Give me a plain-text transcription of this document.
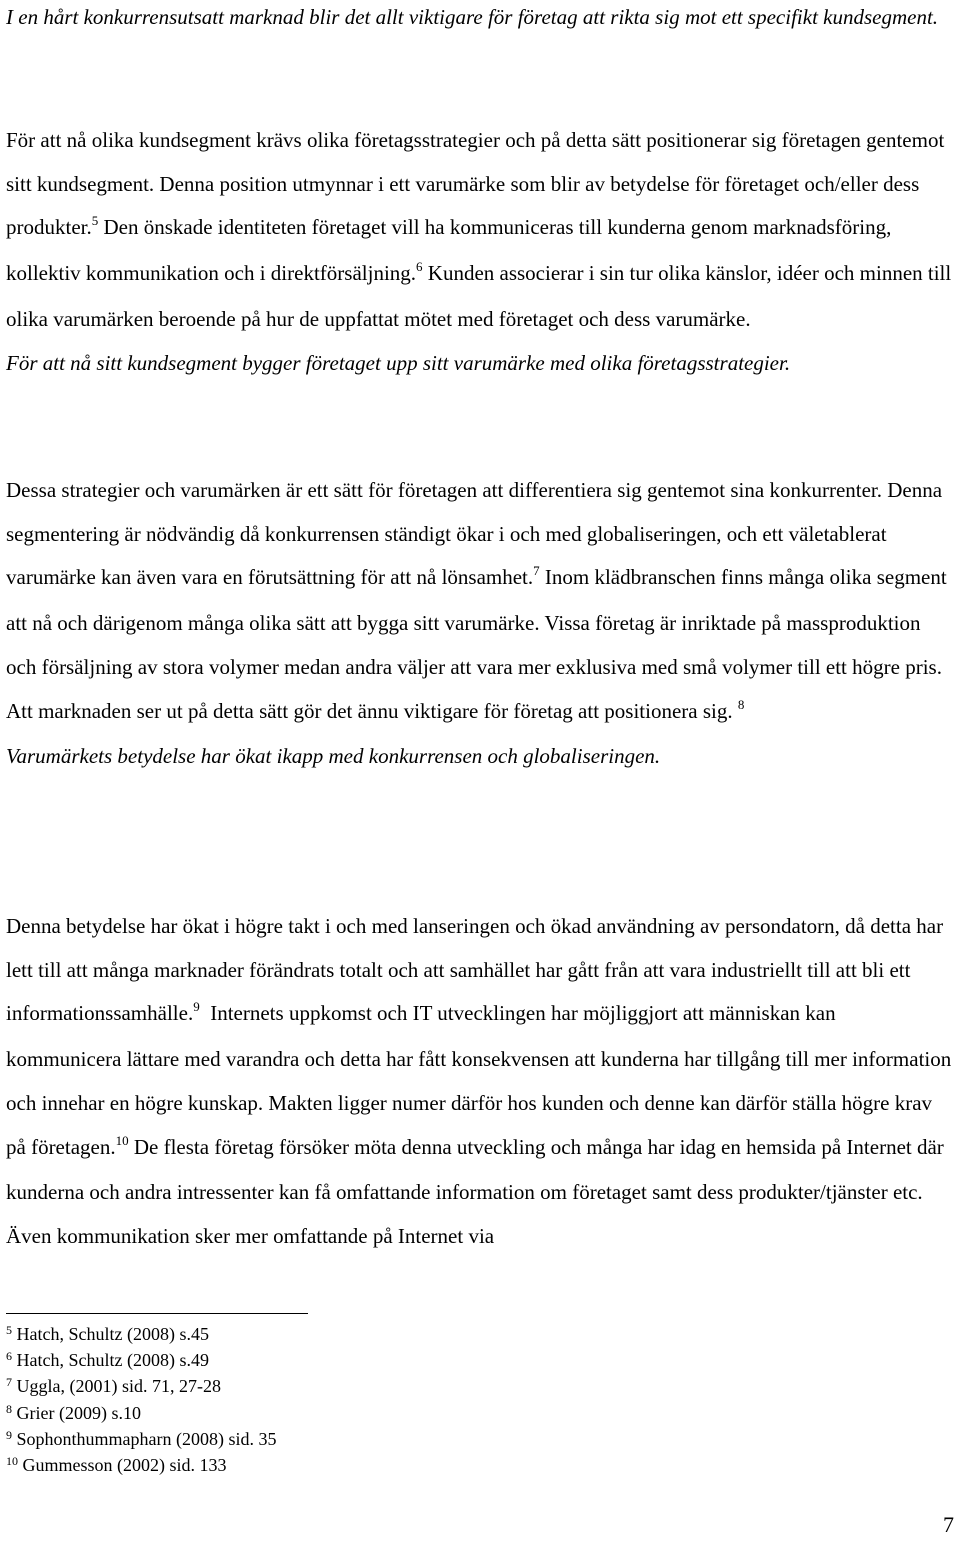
I en hårt konkurrensutsatt marknad blir det allt viktigare för företag att rikta sig mot ett specifikt kundsegment.

För att nå olika kundsegment krävs olika företagsstrategier och på detta sätt positionerar sig företagen gentemot sitt kundsegment. Denna position utmynnar i ett varumärke som blir av betydelse för företaget och/eller dess produkter.$^5$ Den önskade identiteten företaget vill ha kommuniceras till kunderna genom marknadsföring, kollektiv kommunikation och i direktförsäljning.$^6$ Kunden associerar i sin tur olika känslor, idéer och minnen till olika varumärken beroende på hur de uppfattat mötet med företaget och dess varumärke.

För att nå sitt kundsegment bygger företaget upp sitt varumärke med olika företagsstrategier.

Dessa strategier och varumärken är ett sätt för företagen att differentiera sig gentemot sina konkurrenter. Denna segmentering är nödvändig då konkurrensen ständigt ökar i och med globaliseringen, och ett väletablerat varumärke kan även vara en förutsättning för att nå lönsamhet.$^7$ Inom klädbranschen finns många olika segment att nå och därigenom många olika sätt att bygga sitt varumärke. Vissa företag är inriktade på massproduktion och försäljning av stora volymer medan andra väljer att vara mer exklusiva med små volymer till ett högre pris. Att marknaden ser ut på detta sätt gör det ännu viktigare för företag att positionera sig. $^8$

Varumärkets betydelse har ökat ikapp med konkurrensen och globaliseringen.

Denna betydelse har ökat i högre takt i och med lanseringen och ökad användning av persondatorn, då detta har lett till att många marknader förändrats totalt och att samhället har gått från att vara industriellt till att bli ett informationssamhälle.$^9$  Internets uppkomst och IT utvecklingen har möjliggjort att människan kan kommunicera lättare med varandra och detta har fått konsekvensen att kunderna har tillgång till mer information och innehar en högre kunskap. Makten ligger numer därför hos kunden och denne kan därför ställa högre krav på företagen.$^{10}$ De flesta företag försöker möta denna utveckling och många har idag en hemsida på Internet där kunderna och andra intressenter kan få omfattande information om företaget samt dess produkter/tjänster etc. Även kommunikation sker mer omfattande på Internet via

$^5$ Hatch, Schultz (2008) s.45
$^6$ Hatch, Schultz (2008) s.49
$^7$ Uggla, (2001) sid. 71, 27-28
$^8$ Grier (2009) s.10
$^9$ Sophonthummapharn (2008) sid. 35
$^{10}$ Gummesson (2002) sid. 133
7
